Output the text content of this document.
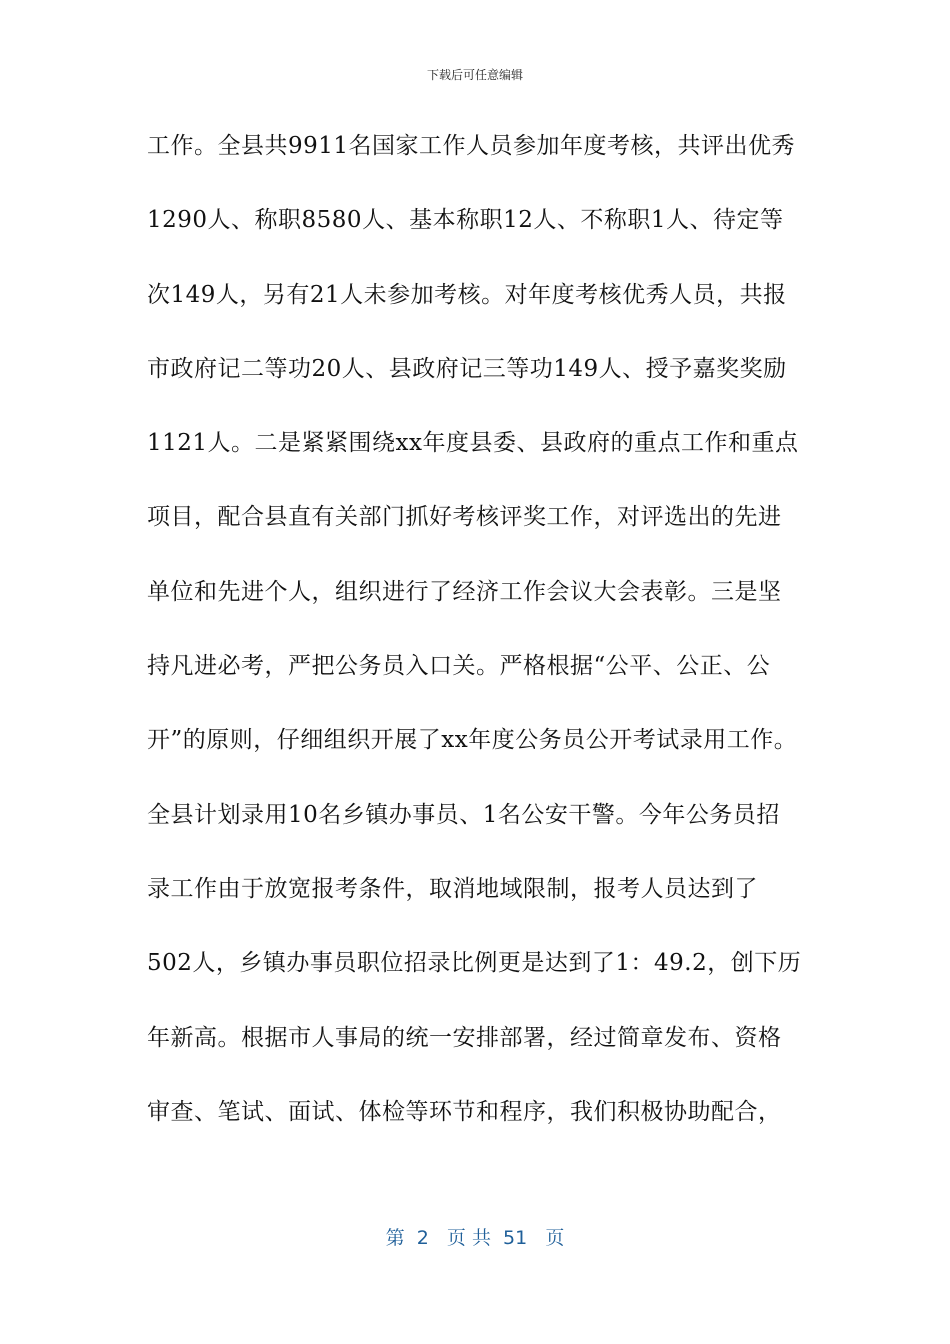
下载后可任意编辑
工作。全县共9911名国家工作人员参加年度考核，共评出优秀
1290人、称职8580人、基本称职12人、不称职1人、待定等
次149人，另有21人未参加考核。对年度考核优秀人员，共报
市政府记二等功20人、县政府记三等功149人、授予嘉奖奖励
1121人。二是紧紧围绕xx年度县委、县政府的重点工作和重点
项目，配合县直有关部门抓好考核评奖工作，对评选出的先进
单位和先进个人，组织进行了经济工作会议大会表彰。三是坚
持凡进必考，严把公务员入口关。严格根据“公平、公正、公
开”的原则，仔细组织开展了xx年度公务员公开考试录用工作。
全县计划录用10名乡镇办事员、1名公安干警。今年公务员招
录工作由于放宽报考条件，取消地域限制，报考人员达到了
502人，乡镇办事员职位招录比例更是达到了1：49.2，创下历
年新高。根据市人事局的统一安排部署，经过简章发布、资格
审查、笔试、面试、体检等环节和程序，我们积极协助配合，
第  2   页 共  51   页
